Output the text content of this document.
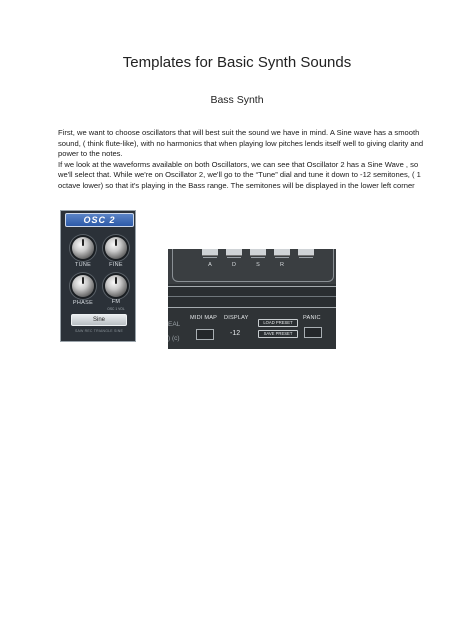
Templates for Basic Synth Sounds
Bass Synth

First, we want to choose oscillators that will best suit the sound we have in mind. A Sine wave has a smooth sound, ( think flute-like), with no harmonics that when playing low pitches lends itself well to giving clarity and power to the notes.

If we look at the waveforms available on both Oscillators, we can see that Oscillator 2 has a Sine Wave , so we'll select that. While we're on Oscillator 2, we'll go to the “Tune” dial and tune it down to -12 semitones, ( 1 octave lower) so that it's playing in the Bass range. The semitones will be displayed in the lower left corner

OSC 2
TUNE	FINE
PHASE	FM
OSC 1 VOL
Sine
SAW REC TRIANGLE SINE
A	D	S	R
EAL
) (c)
MIDI MAP DISPLAY
-12
LOAD PRESET
SAVE PRESET
PANIC
